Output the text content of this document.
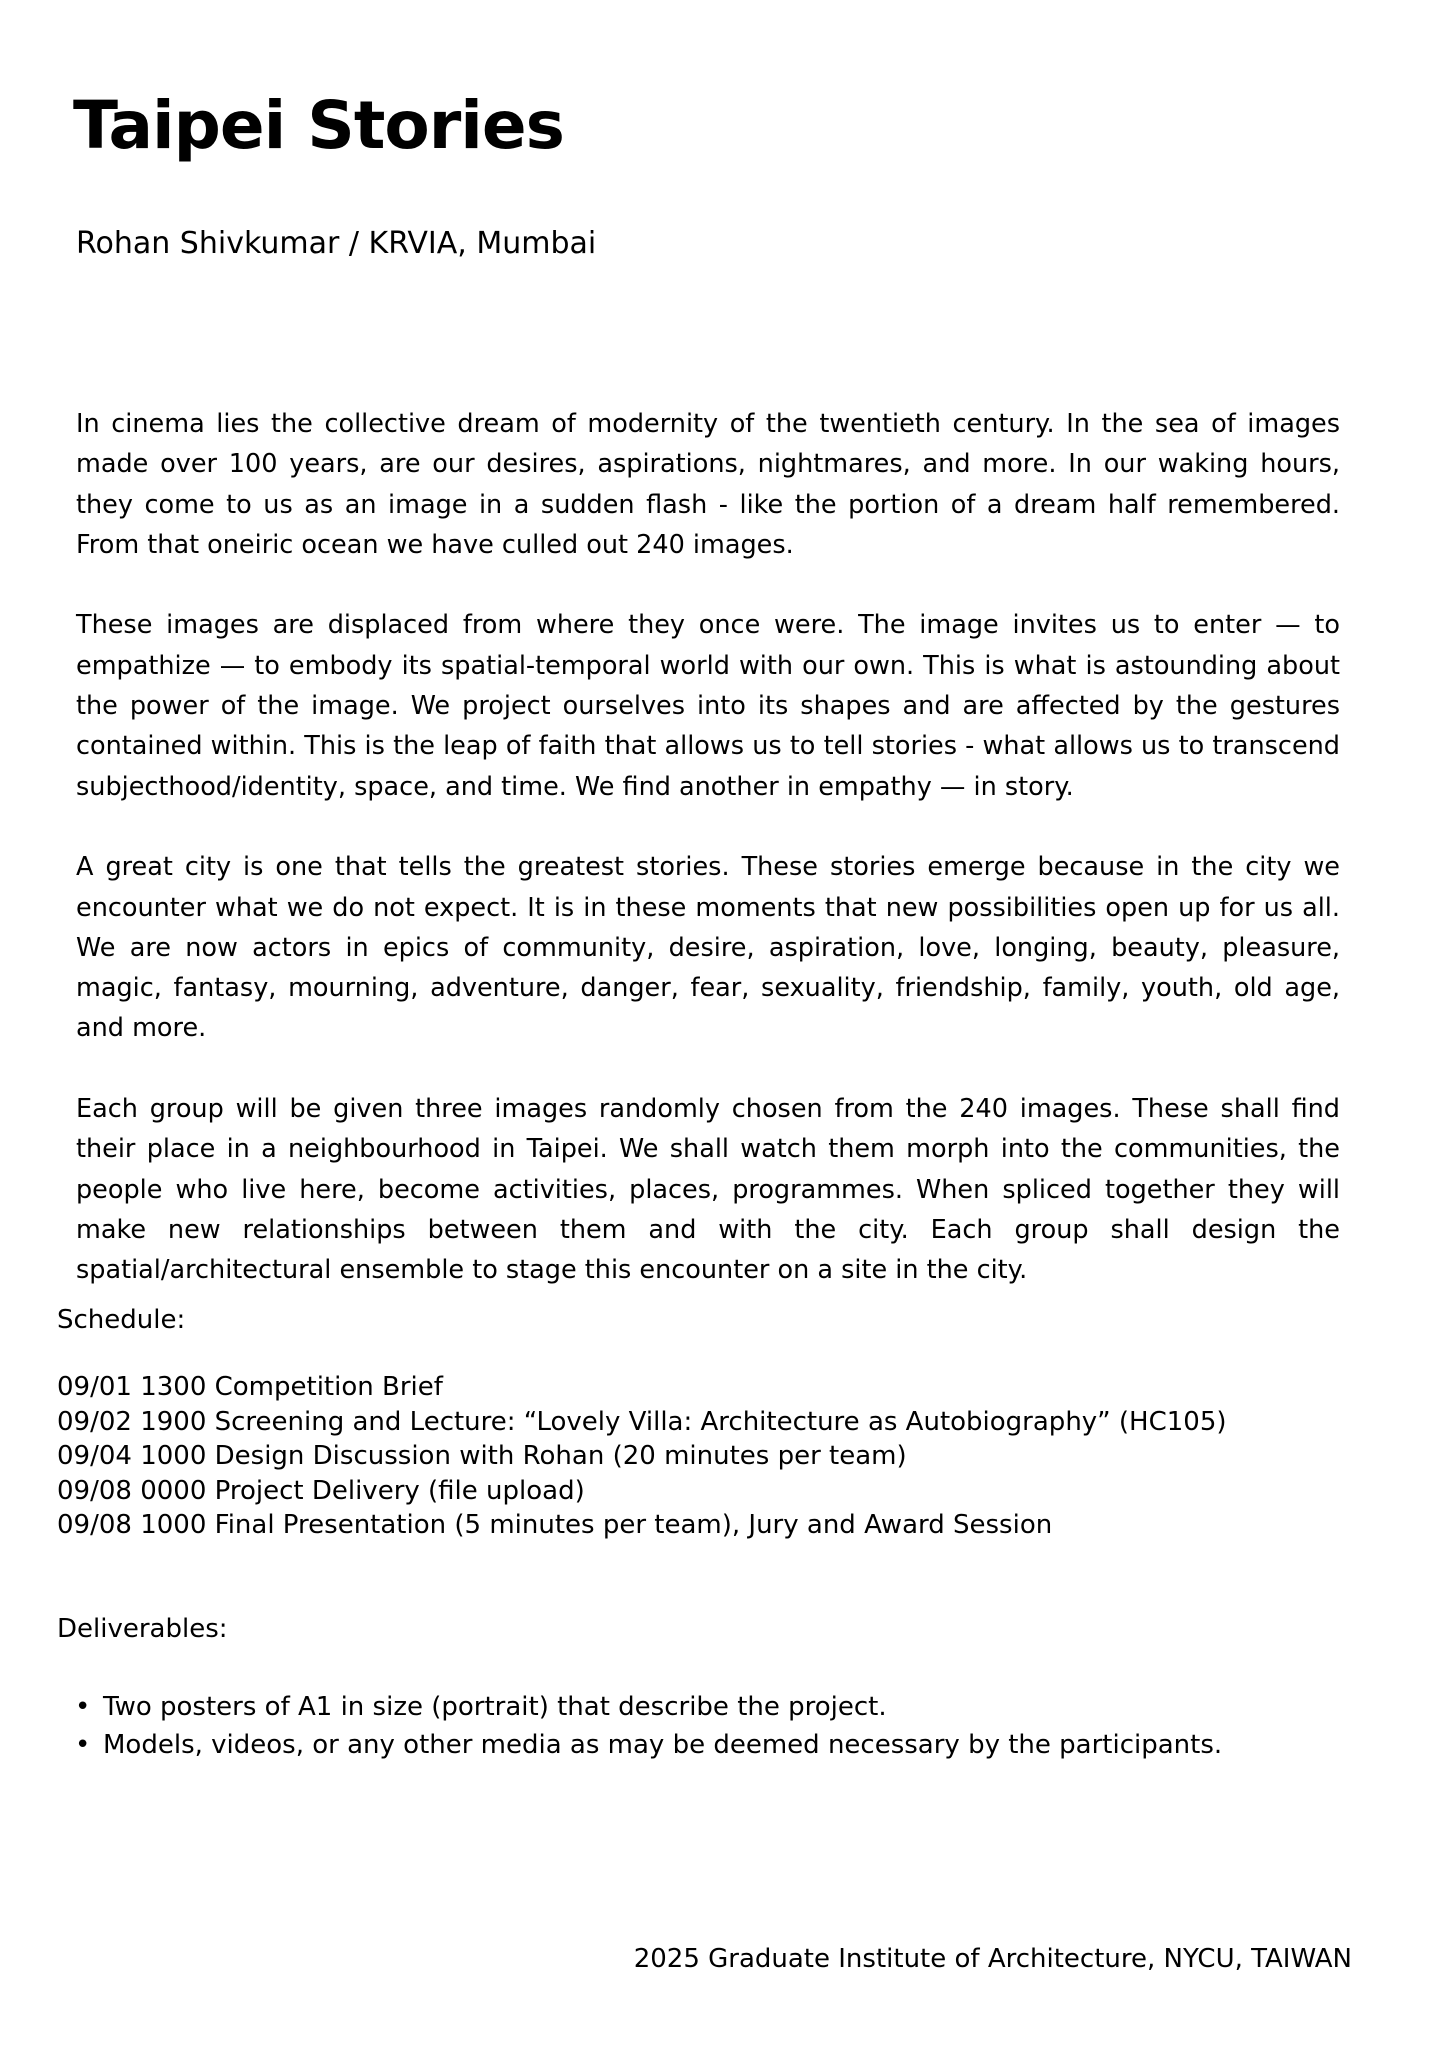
Taipei Stories

Rohan Shivkumar / KRVIA, Mumbai

In cinema lies the collective dream of modernity of the twentieth century. In the sea of images made over 100 years, are our desires, aspirations, nightmares, and more. In our waking hours, they come to us as an image in a sudden flash - like the portion of a dream half remembered. From that oneiric ocean we have culled out 240 images.

These images are displaced from where they once were. The image invites us to enter — to empathize — to embody its spatial-temporal world with our own. This is what is astounding about the power of the image. We project ourselves into its shapes and are affected by the gestures contained within. This is the leap of faith that allows us to tell stories - what allows us to transcend subjecthood/identity, space, and time. We find another in empathy — in story.

A great city is one that tells the greatest stories. These stories emerge because in the city we encounter what we do not expect. It is in these moments that new possibilities open up for us all. We are now actors in epics of community, desire, aspiration, love, longing, beauty, pleasure, magic, fantasy, mourning, adventure, danger, fear, sexuality, friendship, family, youth, old age, and more.

Each group will be given three images randomly chosen from the 240 images. These shall find their place in a neighbourhood in Taipei. We shall watch them morph into the communities, the people who live here, become activities, places, programmes. When spliced together they will make new relationships between them and with the city. Each group shall design the spatial/architectural ensemble to stage this encounter on a site in the city.

Schedule:
09/01 1300 Competition Brief
09/02 1900 Screening and Lecture: “Lovely Villa: Architecture as Autobiography” (HC105)
09/04 1000 Design Discussion with Rohan (20 minutes per team)
09/08 0000 Project Delivery (file upload)
09/08 1000 Final Presentation (5 minutes per team), Jury and Award Session
Deliverables:
• Two posters of A1 in size (portrait) that describe the project.
• Models, videos, or any other media as may be deemed necessary by the participants.

2025 Graduate Institute of Architecture, NYCU, TAIWAN
